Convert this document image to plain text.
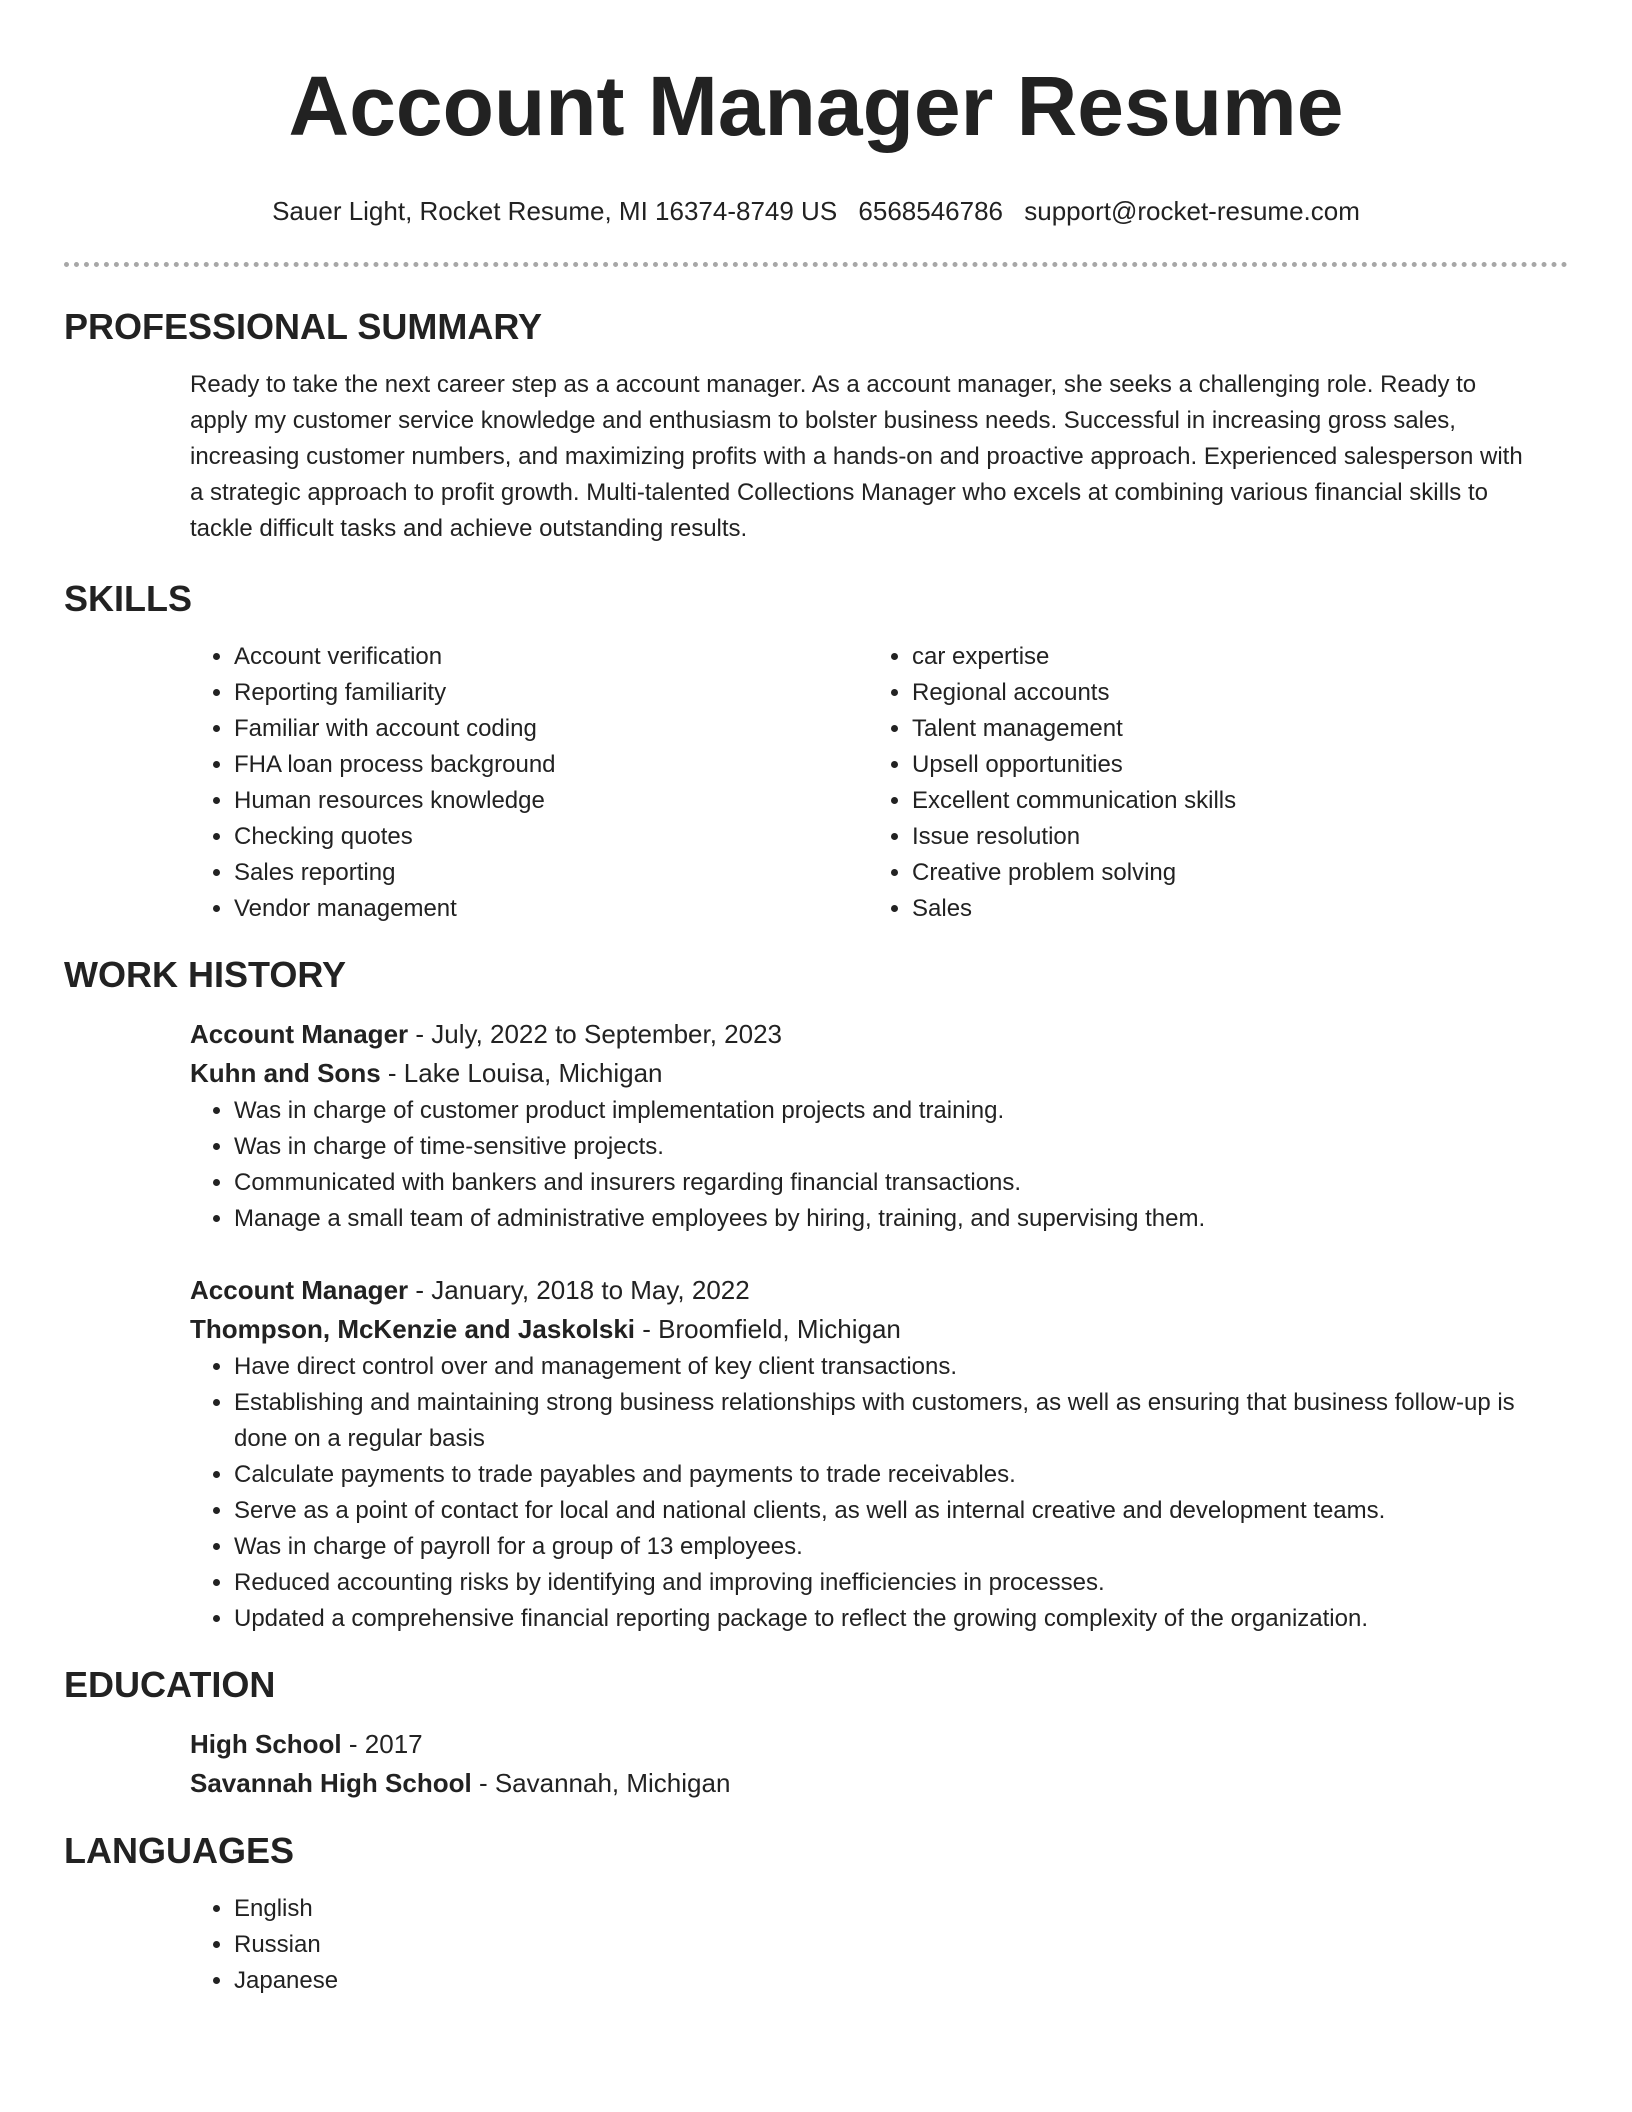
Account Manager Resume
Sauer Light, Rocket Resume, MI 16374-8749 US 6568546786 support@rocket-resume.com
PROFESSIONAL SUMMARY

Ready to take the next career step as a account manager. As a account manager, she seeks a challenging role. Ready to apply my customer service knowledge and enthusiasm to bolster business needs. Successful in increasing gross sales, increasing customer numbers, and maximizing profits with a hands-on and proactive approach. Experienced salesperson with a strategic approach to profit growth. Multi-talented Collections Manager who excels at combining various financial skills to tackle difficult tasks and achieve outstanding results.

SKILLS
• Account verification
• Reporting familiarity
• Familiar with account coding
• FHA loan process background
• Human resources knowledge
• Checking quotes
• Sales reporting
• Vendor management
• car expertise
• Regional accounts
• Talent management
• Upsell opportunities
• Excellent communication skills
• Issue resolution
• Creative problem solving
• Sales
WORK HISTORY
Account Manager - July, 2022 to September, 2023
Kuhn and Sons - Lake Louisa, Michigan
• Was in charge of customer product implementation projects and training.
• Was in charge of time-sensitive projects.
• Communicated with bankers and insurers regarding financial transactions.
• Manage a small team of administrative employees by hiring, training, and supervising them.
Account Manager - January, 2018 to May, 2022
Thompson, McKenzie and Jaskolski - Broomfield, Michigan
• Have direct control over and management of key client transactions.
• Establishing and maintaining strong business relationships with customers, as well as ensuring that business follow-up is done on a regular basis
• Calculate payments to trade payables and payments to trade receivables.
• Serve as a point of contact for local and national clients, as well as internal creative and development teams.
• Was in charge of payroll for a group of 13 employees.
• Reduced accounting risks by identifying and improving inefficiencies in processes.
• Updated a comprehensive financial reporting package to reflect the growing complexity of the organization.
EDUCATION
High School - 2017
Savannah High School - Savannah, Michigan
LANGUAGES
• English
• Russian
• Japanese
